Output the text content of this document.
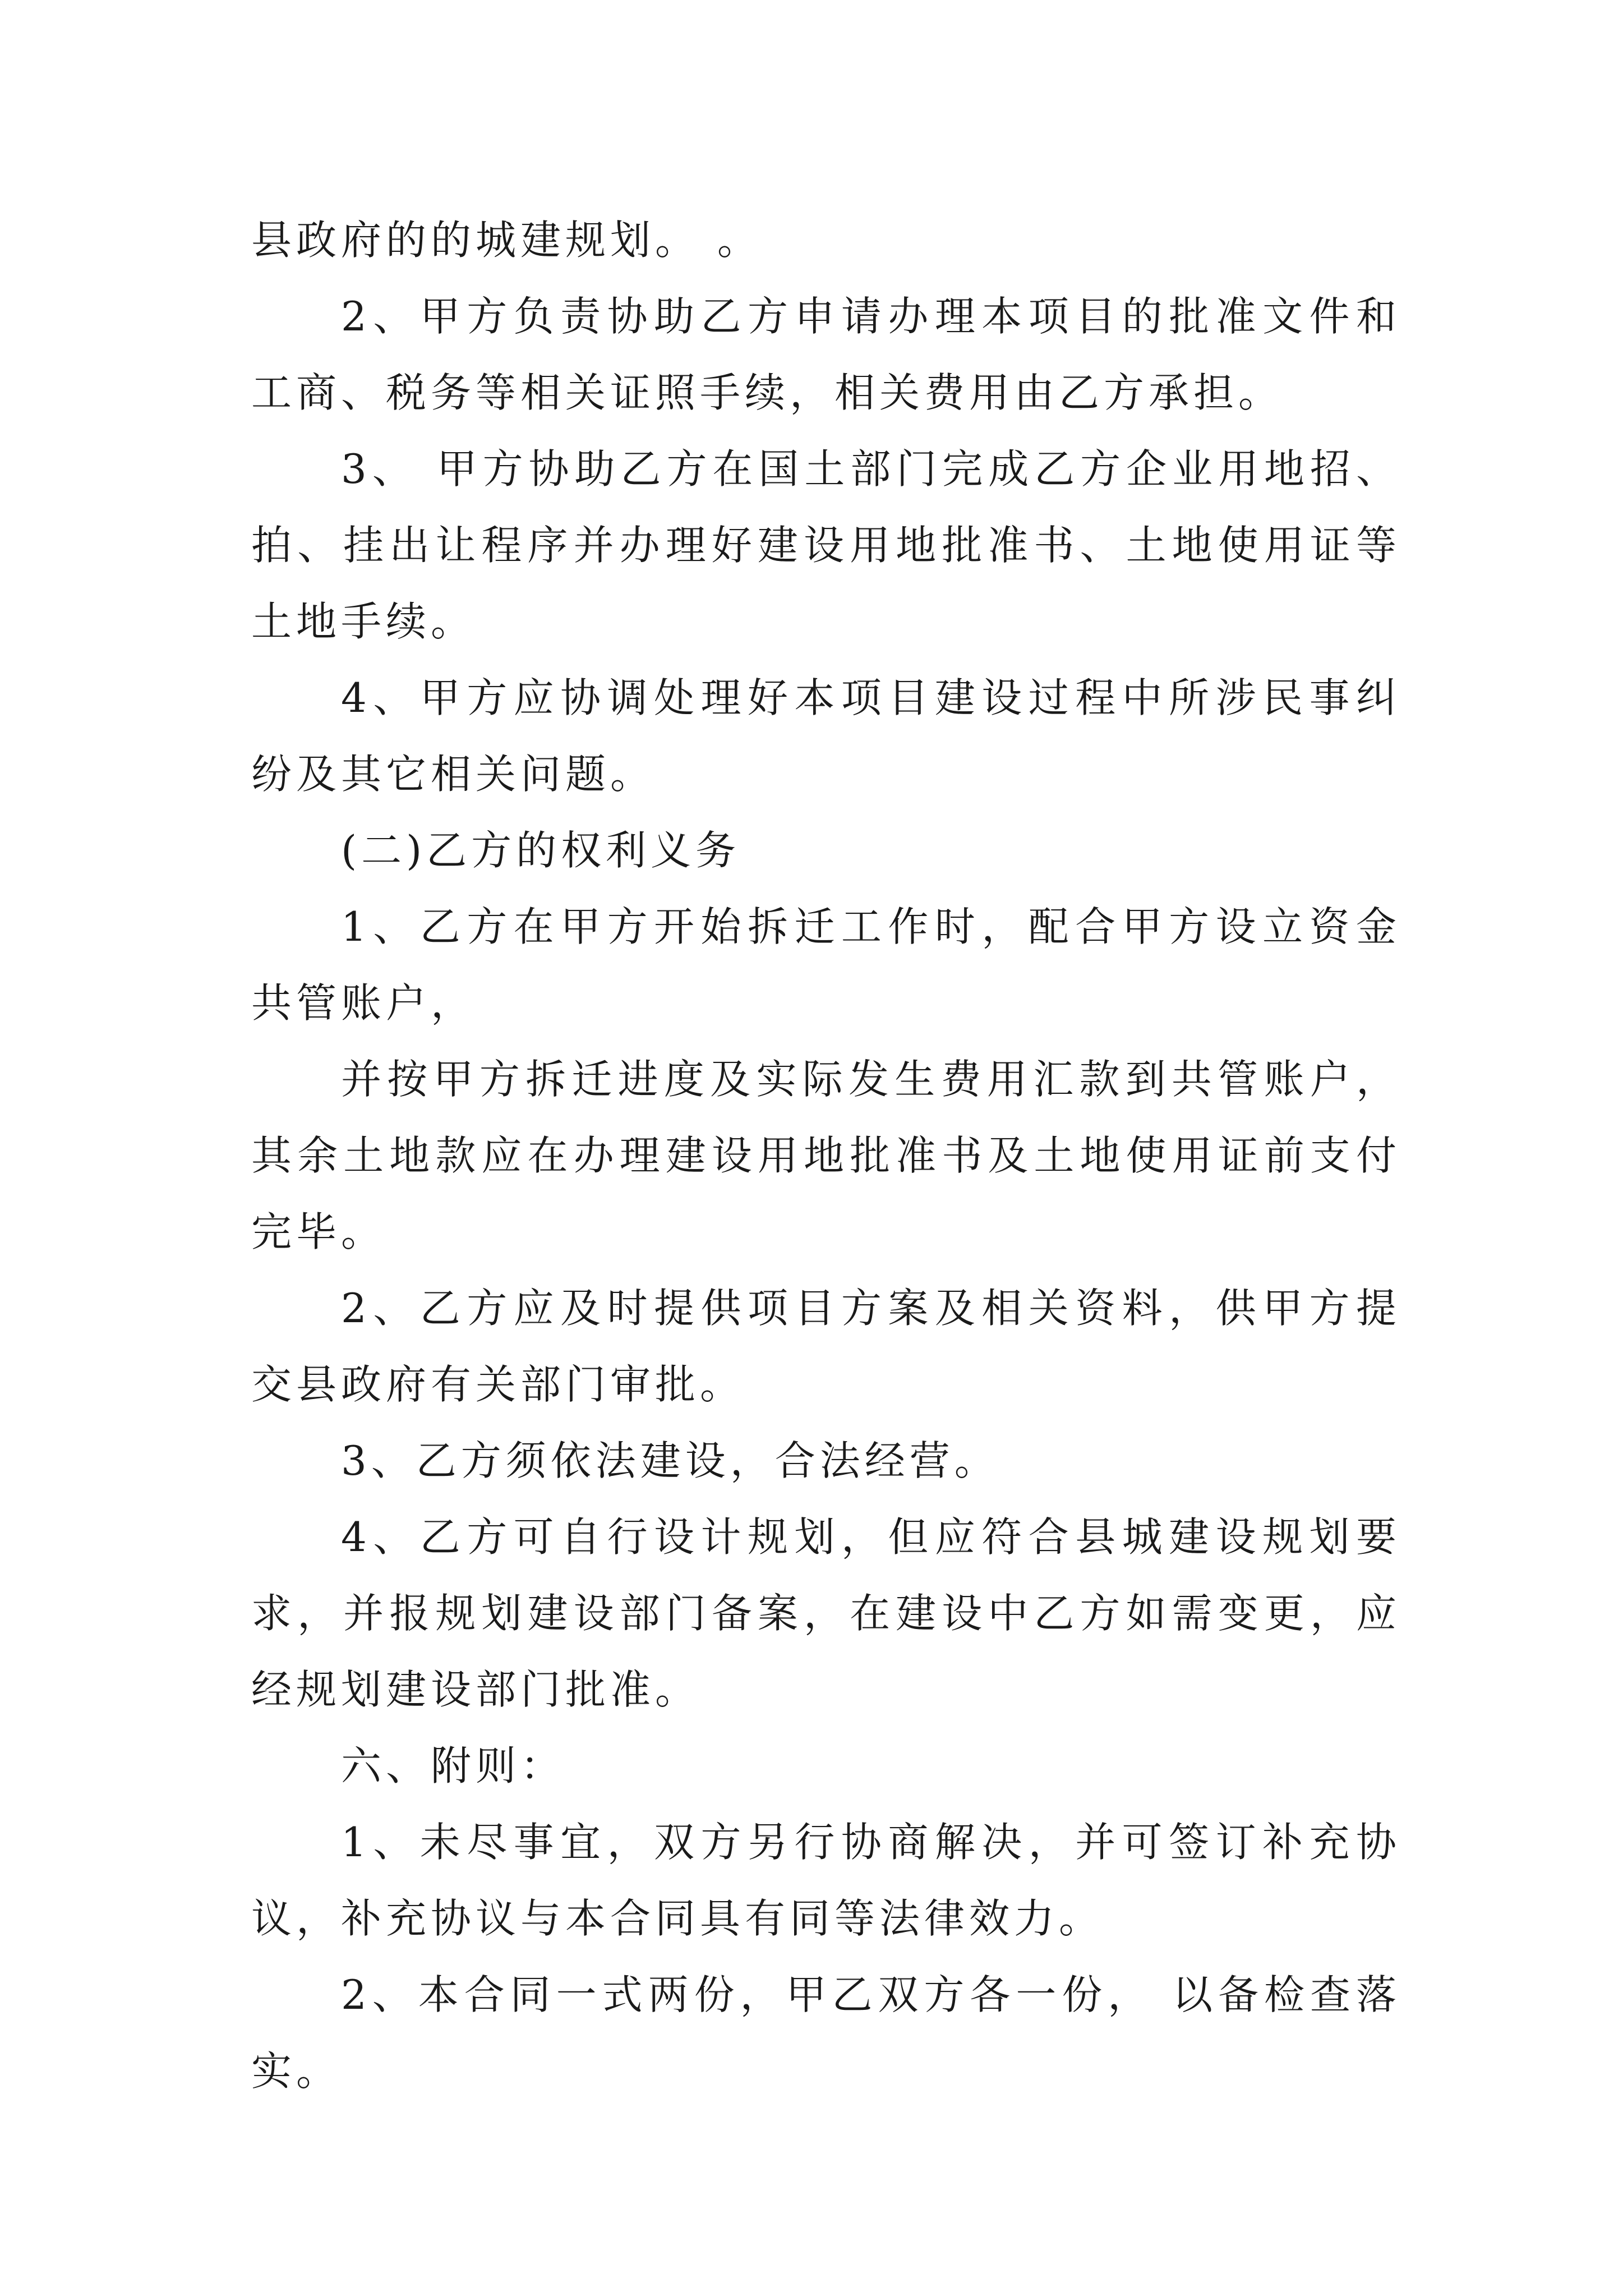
县政府的的城建规划。 。

2、甲方负责协助乙方申请办理本项目的批准文件和工商、税务等相关证照手续，相关费用由乙方承担。

3、 甲方协助乙方在国土部门完成乙方企业用地招、拍、挂出让程序并办理好建设用地批准书、土地使用证等土地手续。

4、甲方应协调处理好本项目建设过程中所涉民事纠纷及其它相关问题。

(二)乙方的权利义务

1、乙方在甲方开始拆迁工作时，配合甲方设立资金共管账户，

并按甲方拆迁进度及实际发生费用汇款到共管账户，其余土地款应在办理建设用地批准书及土地使用证前支付完毕。

2、乙方应及时提供项目方案及相关资料，供甲方提交县政府有关部门审批。

3、乙方须依法建设，合法经营。

4、乙方可自行设计规划，但应符合县城建设规划要求，并报规划建设部门备案，在建设中乙方如需变更，应经规划建设部门批准。

六、附则：

1、未尽事宜，双方另行协商解决，并可签订补充协议，补充协议与本合同具有同等法律效力。

2、本合同一式两份，甲乙双方各一份， 以备检查落实。
